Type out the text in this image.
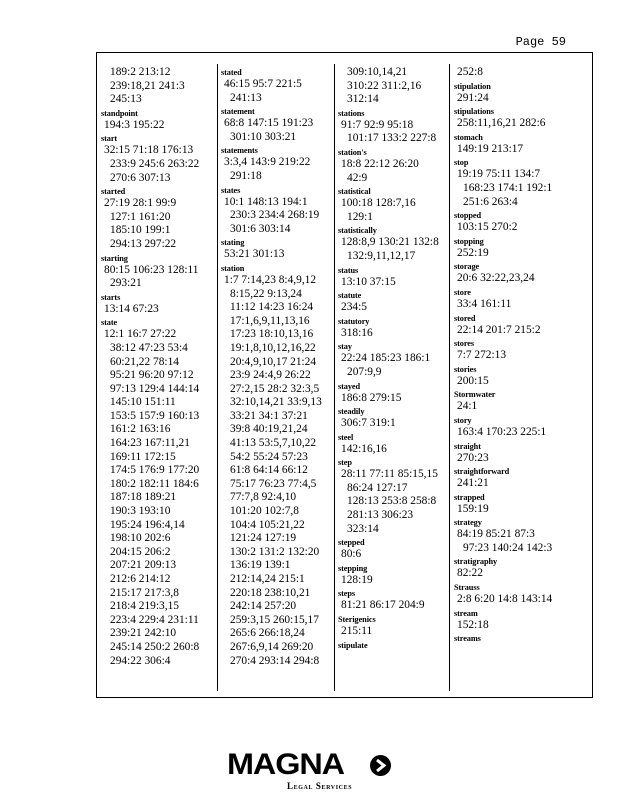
Page 59
189:2 213:12
239:18,21 241:3
245:13
standpoint
194:3 195:22
start
32:15 71:18 176:13
233:9 245:6 263:22
270:6 307:13
started
27:19 28:1 99:9
127:1 161:20
185:10 199:1
294:13 297:22
starting
80:15 106:23 128:11
293:21
starts
13:14 67:23
state
12:1 16:7 27:22
38:12 47:23 53:4
60:21,22 78:14
95:21 96:20 97:12
97:13 129:4 144:14
145:10 151:11
153:5 157:9 160:13
161:2 163:16
164:23 167:11,21
169:11 172:15
174:5 176:9 177:20
180:2 182:11 184:6
187:18 189:21
190:3 193:10
195:24 196:4,14
198:10 202:6
204:15 206:2
207:21 209:13
212:6 214:12
215:17 217:3,8
218:4 219:3,15
223:4 229:4 231:11
239:21 242:10
245:14 250:2 260:8
294:22 306:4
stated
46:15 95:7 221:5
241:13
statement
68:8 147:15 191:23
301:10 303:21
statements
3:3,4 143:9 219:22
291:18
states
10:1 148:13 194:1
230:3 234:4 268:19
301:6 303:14
stating
53:21 301:13
station
1:7 7:14,23 8:4,9,12
8:15,22 9:13,24
11:12 14:23 16:24
17:1,6,9,11,13,16
17:23 18:10,13,16
19:1,8,10,12,16,22
20:4,9,10,17 21:24
23:9 24:4,9 26:22
27:2,15 28:2 32:3,5
32:10,14,21 33:9,13
33:21 34:1 37:21
39:8 40:19,21,24
41:13 53:5,7,10,22
54:2 55:24 57:23
61:8 64:14 66:12
75:17 76:23 77:4,5
77:7,8 92:4,10
101:20 102:7,8
104:4 105:21,22
121:24 127:19
130:2 131:2 132:20
136:19 139:1
212:14,24 215:1
220:18 238:10,21
242:14 257:20
259:3,15 260:15,17
265:6 266:18,24
267:6,9,14 269:20
270:4 293:14 294:8
309:10,14,21
310:22 311:2,16
312:14
stations
91:7 92:9 95:18
101:17 133:2 227:8
station's
18:8 22:12 26:20
42:9
statistical
100:18 128:7,16
129:1
statistically
128:8,9 130:21 132:8
132:9,11,12,17
status
13:10 37:15
statute
234:5
statutory
318:16
stay
22:24 185:23 186:1
207:9,9
stayed
186:8 279:15
steadily
306:7 319:1
steel
142:16,16
step
28:11 77:11 85:15,15
86:24 127:17
128:13 253:8 258:8
281:13 306:23
323:14
stepped
80:6
stepping
128:19
steps
81:21 86:17 204:9
Sterigenics
215:11
stipulate
252:8
stipulation
291:24
stipulations
258:11,16,21 282:6
stomach
149:19 213:17
stop
19:19 75:11 134:7
168:23 174:1 192:1
251:6 263:4
stopped
103:15 270:2
stopping
252:19
storage
20:6 32:22,23,24
store
33:4 161:11
stored
22:14 201:7 215:2
stores
7:7 272:13
stories
200:15
Stormwater
24:1
story
163:4 170:23 225:1
straight
270:23
straightforward
241:21
strapped
159:19
strategy
84:19 85:21 87:3
97:23 140:24 142:3
stratigraphy
82:22
Strauss
2:8 6:20 14:8 143:14
stream
152:18
streams
MAGNA
Legal Services
